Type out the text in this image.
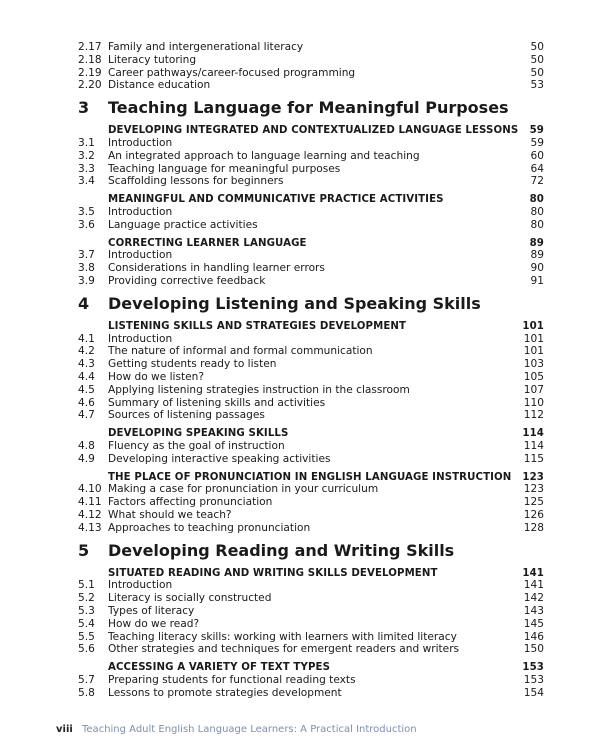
2.17 Family and intergenerational literacy	50
2.18 Literacy tutoring	50
2.19 Career pathways/career-focused programming	50
2.20 Distance education	53
3 Teaching Language for Meaningful Purposes
DEVELOPING INTEGRATED AND CONTEXTUALIZED LANGUAGE LESSONS 59
3.1 Introduction	59
3.2 An integrated approach to language learning and teaching	60
3.3 Teaching language for meaningful purposes	64
3.4 Scaffolding lessons for beginners	72
MEANINGFUL AND COMMUNICATIVE PRACTICE ACTIVITIES	80
3.5 Introduction	80
3.6 Language practice activities	80
CORRECTING LEARNER LANGUAGE	89
3.7 Introduction	89
3.8 Considerations in handling learner errors	90
3.9 Providing corrective feedback	91
4 Developing Listening and Speaking Skills
LISTENING SKILLS AND STRATEGIES DEVELOPMENT	101
4.1 Introduction	101
4.2 The nature of informal and formal communication	101
4.3 Getting students ready to listen	103
4.4 How do we listen?	105
4.5 Applying listening strategies instruction in the classroom	107
4.6 Summary of listening skills and activities	110
4.7 Sources of listening passages	112
DEVELOPING SPEAKING SKILLS	114
4.8 Fluency as the goal of instruction	114
4.9 Developing interactive speaking activities	115
THE PLACE OF PRONUNCIATION IN ENGLISH LANGUAGE INSTRUCTION 123
4.10 Making a case for pronunciation in your curriculum	123
4.11 Factors affecting pronunciation	125
4.12 What should we teach?	126
4.13 Approaches to teaching pronunciation	128
5 Developing Reading and Writing Skills
SITUATED READING AND WRITING SKILLS DEVELOPMENT	141
5.1 Introduction	141
5.2 Literacy is socially constructed	142
5.3 Types of literacy	143
5.4 How do we read?	145
5.5 Teaching literacy skills: working with learners with limited literacy	146
5.6 Other strategies and techniques for emergent readers and writers	150
ACCESSING A VARIETY OF TEXT TYPES	153
5.7 Preparing students for functional reading texts	153
5.8 Lessons to promote strategies development	154
viii Teaching Adult English Language Learners: A Practical Introduction
